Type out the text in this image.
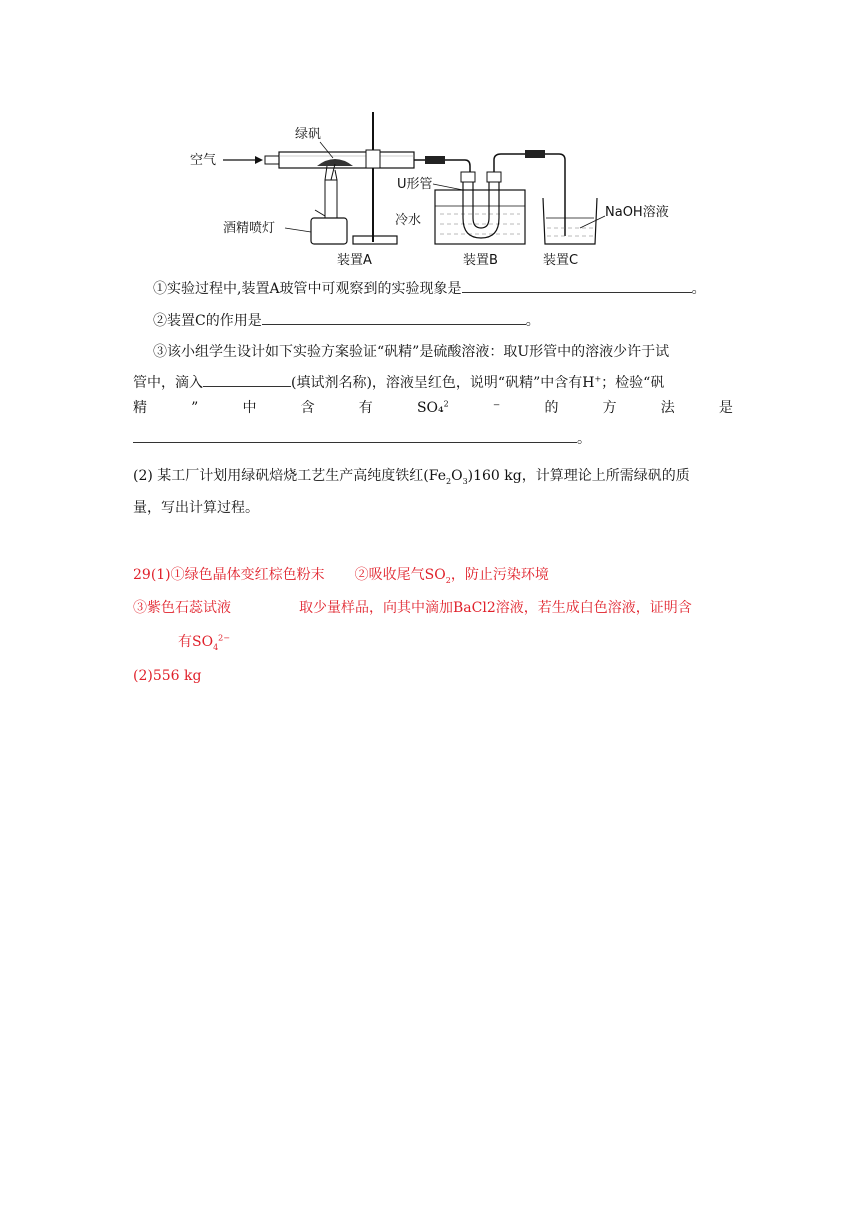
空气
绿矾
酒精喷灯
装置A
U形管
冷水
装置B
NaOH溶液
装置C
①实验过程中,装置A玻管中可观察到的实验现象是	。
②装置C的作用是	。
③该小组学生设计如下实验方案验证“矾精”是硫酸溶液：取U形管中的溶液少许于试
管中，滴入	(填试剂名称)，溶液呈红色，说明“矾精”中含有H+；检验“矾
精	”	中	含	有	SO₄$^2$	⁻	的	方	法	是
。
(2) 某工厂计划用绿矾焙烧工艺生产高纯度铁红$(Fe_2O_3)160$ kg，计算理论上所需绿矾的质
量，写出计算过程。
29(1)①绿色晶体变红棕色粉末 ②吸收尾气$SO_2$，防止污染环境
③紫色石蕊试液	取少量样品，向其中滴加BaCl2溶液，若生成白色溶液，证明含
有$SO_4^{2-}$
(2)556 kg
